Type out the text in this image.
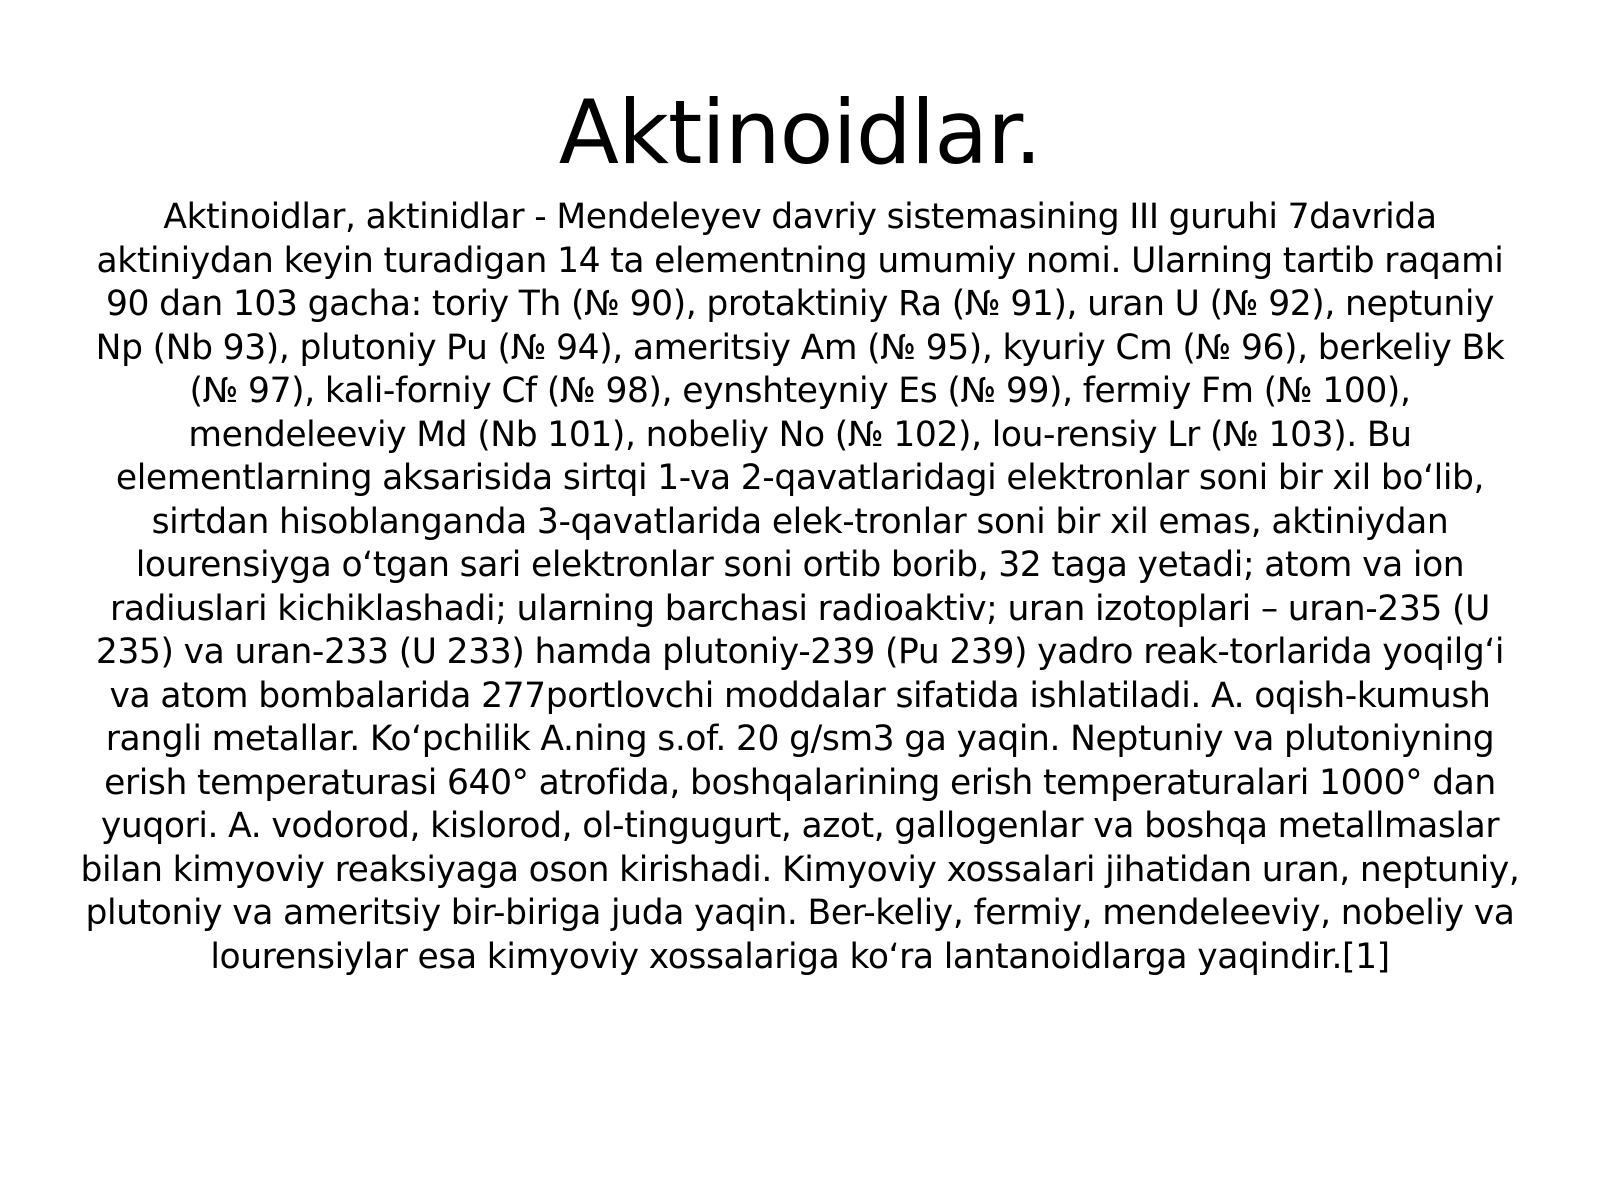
Aktinoidlar.

Aktinoidlar, aktinidlar - Mendeleyev davriy sistemasining III guruhi 7davrida aktiniydan keyin turadigan 14 ta elementning umumiy nomi. Ularning tartib raqami 90 dan 103 gacha: toriy Th (№ 90), protaktiniy Ra (№ 91), uran U (№ 92), neptuniy Np (Nb 93), plutoniy Pu (№ 94), ameritsiy Am (№ 95), kyuriy Cm (№ 96), berkeliy Bk (№ 97), kali-forniy Cf (№ 98), eynshteyniy Es (№ 99), fermiy Fm (№ 100), mendeleeviy Md (Nb 101), nobeliy No (№ 102), lou-rensiy Lr (№ 103). Bu elementlarning aksarisida sirtqi 1-va 2-qavatlaridagi elektronlar soni bir xil bo‘lib, sirtdan hisoblanganda 3-qavatlarida elek-tronlar soni bir xil emas, aktiniydan lourensiyga o‘tgan sari elektronlar soni ortib borib, 32 taga yetadi; atom va ion radiuslari kichiklashadi; ularning barchasi radioaktiv; uran izotoplari – uran-235 (U 235) va uran-233 (U 233) hamda plutoniy-239 (Pu 239) yadro reak-torlarida yoqilg‘i va atom bombalarida 277portlovchi moddalar sifatida ishlatiladi. A. oqish-kumush rangli metallar. Ko‘pchilik A.ning s.of. 20 g/sm3 ga yaqin. Neptuniy va plutoniyning erish temperaturasi 640° atrofida, boshqalarining erish temperaturalari 1000° dan yuqori. A. vodorod, kislorod, ol-tingugurt, azot, gallogenlar va boshqa metallmaslar bilan kimyoviy reaksiyaga oson kirishadi. Kimyoviy xossalari jihatidan uran, neptuniy, plutoniy va ameritsiy bir-biriga juda yaqin. Ber-keliy, fermiy, mendeleeviy, nobeliy va lourensiylar esa kimyoviy xossalariga ko‘ra lantanoidlarga yaqindir.[1]
